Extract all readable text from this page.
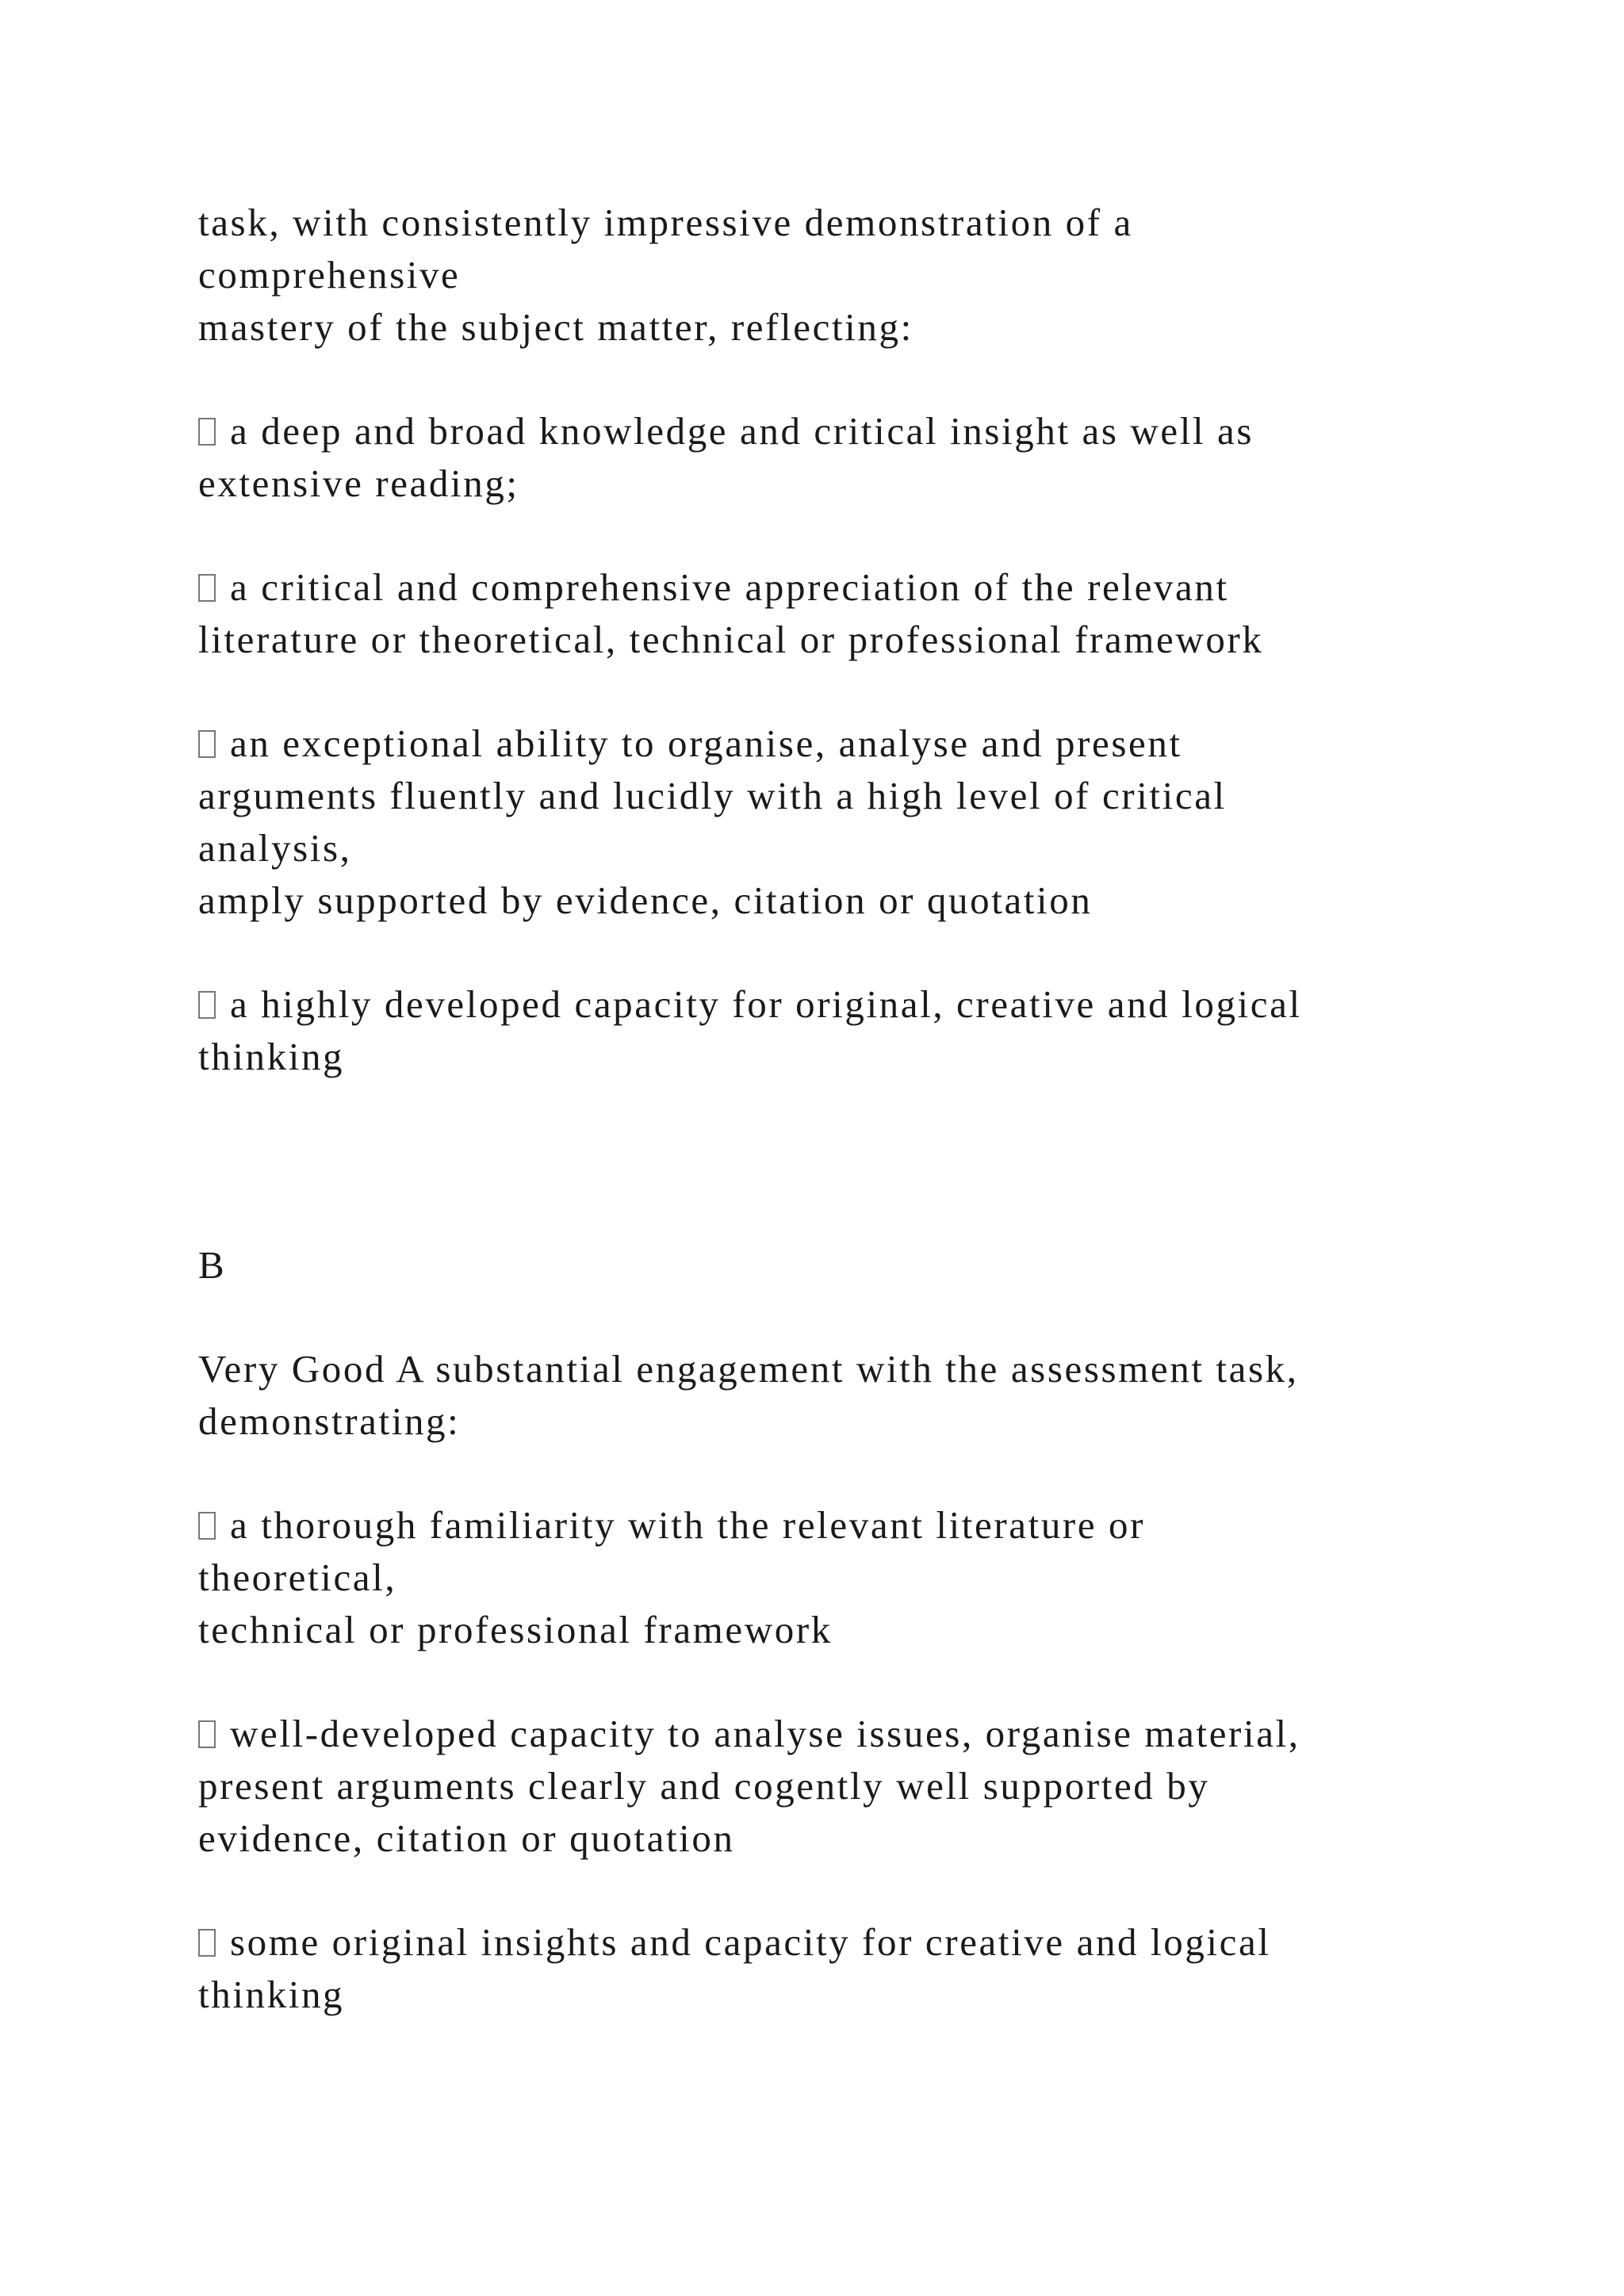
task, with consistently impressive demonstration of a
comprehensive
mastery of the subject matter, reflecting:
a deep and broad knowledge and critical insight as well as
extensive reading;
a critical and comprehensive appreciation of the relevant
literature or theoretical, technical or professional framework
an exceptional ability to organise, analyse and present
arguments fluently and lucidly with a high level of critical
analysis,
amply supported by evidence, citation or quotation
a highly developed capacity for original, creative and logical
thinking
B
Very Good A substantial engagement with the assessment task,
demonstrating:
a thorough familiarity with the relevant literature or
theoretical,
technical or professional framework
well-developed capacity to analyse issues, organise material,
present arguments clearly and cogently well supported by
evidence, citation or quotation
some original insights and capacity for creative and logical
thinking
